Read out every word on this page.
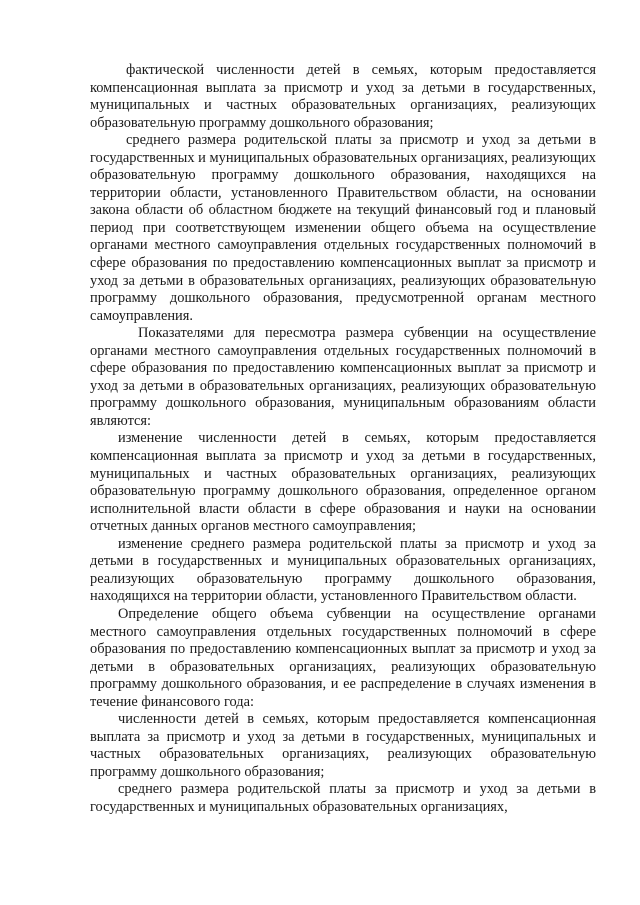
фактической численности детей в семьях, которым предоставляется компенсационная выплата за присмотр и уход за детьми в государственных, муниципальных и частных образовательных организациях, реализующих образовательную программу дошкольного образования;

среднего размера родительской платы за присмотр и уход за детьми в государственных и муниципальных образовательных организациях, реализующих образовательную программу дошкольного образования, находящихся на территории области, установленного Правительством области, на основании закона области об областном бюджете на текущий финансовый год и плановый период при соответствующем изменении общего объема на осуществление органами местного самоуправления отдельных государственных полномочий в сфере образования по предоставлению компенсационных выплат за присмотр и уход за детьми в образовательных организациях, реализующих образовательную программу дошкольного образования, предусмотренной органам местного самоуправления.

Показателями для пересмотра размера субвенции на осуществление органами местного самоуправления отдельных государственных полномочий в сфере образования по предоставлению компенсационных выплат за присмотр и уход за детьми в образовательных организациях, реализующих образовательную программу дошкольного образования, муниципальным образованиям области являются:

изменение численности детей в семьях, которым предоставляется компенсационная выплата за присмотр и уход за детьми в государственных, муниципальных и частных образовательных организациях, реализующих образовательную программу дошкольного образования, определенное органом исполнительной власти области в сфере образования и науки на основании отчетных данных органов местного самоуправления;

изменение среднего размера родительской платы за присмотр и уход за детьми в государственных и муниципальных образовательных организациях, реализующих образовательную программу дошкольного образования, находящихся на территории области, установленного Правительством области.

Определение общего объема субвенции на осуществление органами местного самоуправления отдельных государственных полномочий в сфере образования по предоставлению компенсационных выплат за присмотр и уход за детьми в образовательных организациях, реализующих образовательную программу дошкольного образования, и ее распределение в случаях изменения в течение финансового года:

численности детей в семьях, которым предоставляется компенсационная выплата за присмотр и уход за детьми в государственных, муниципальных и частных образовательных организациях, реализующих образовательную программу дошкольного образования;

среднего размера родительской платы за присмотр и уход за детьми в государственных и муниципальных образовательных организациях,
